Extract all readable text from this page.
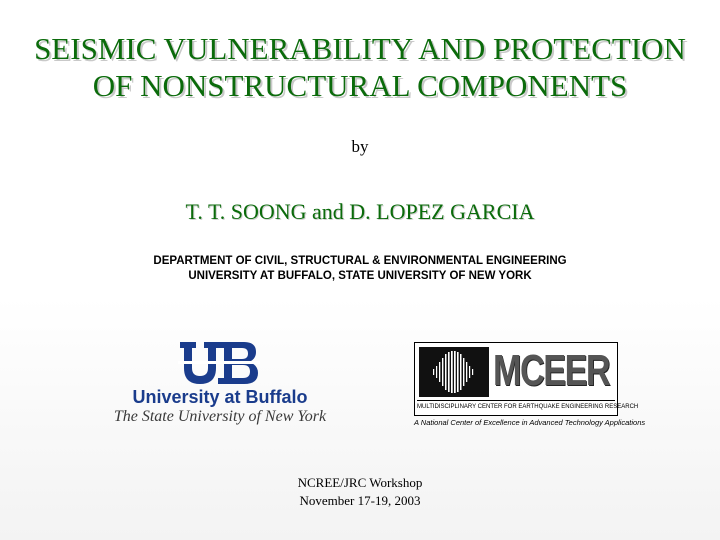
SEISMIC VULNERABILITY AND PROTECTION
OF NONSTRUCTURAL COMPONENTS
by
T. T. SOONG and D. LOPEZ GARCIA
DEPARTMENT OF CIVIL, STRUCTURAL & ENVIRONMENTAL ENGINEERING
UNIVERSITY AT BUFFALO, STATE UNIVERSITY OF NEW YORK
University at Buffalo
The State University of New York
MCEER
MULTIDISCIPLINARY CENTER FOR EARTHQUAKE ENGINEERING RESEARCH
A National Center of Excellence in Advanced Technology Applications
NCREE/JRC Workshop
November 17-19, 2003
